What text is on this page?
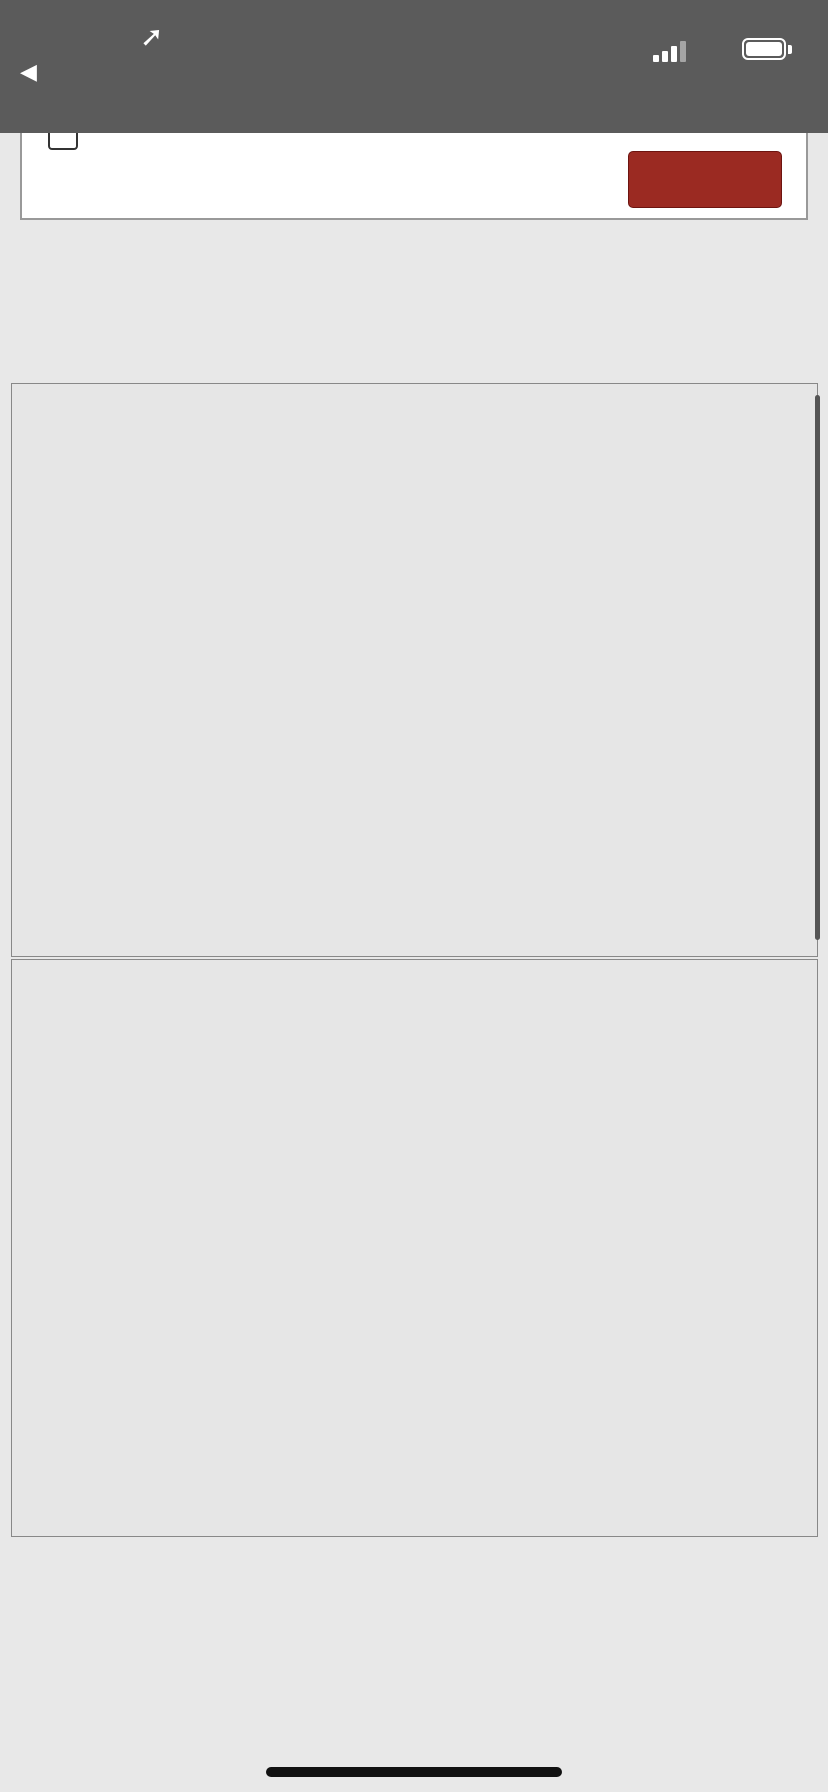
➚
◀
